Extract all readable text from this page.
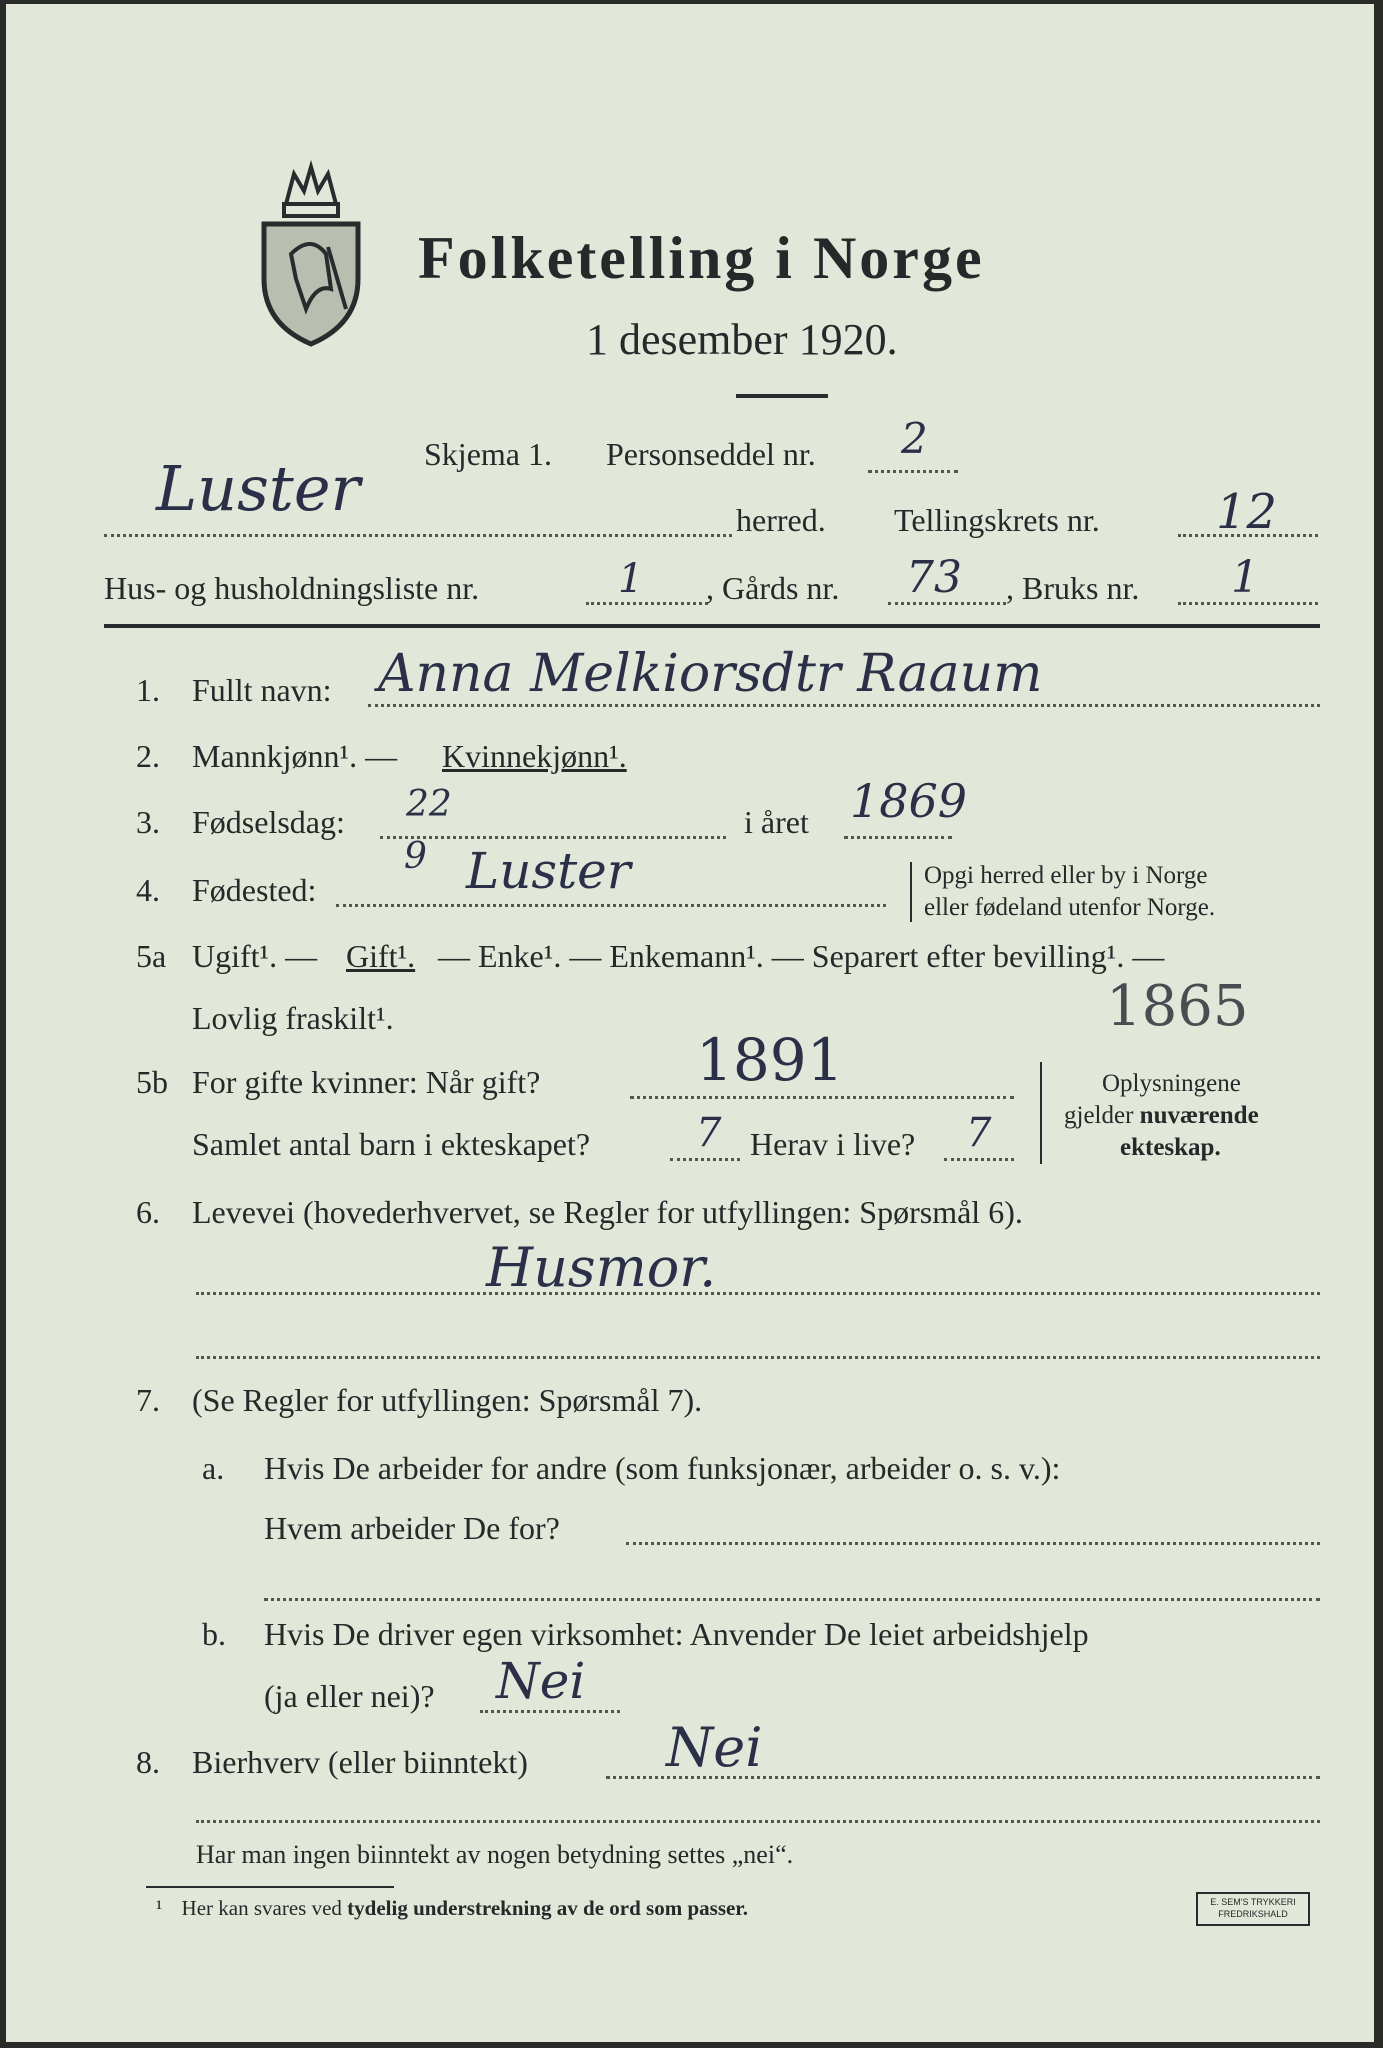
Folketelling i Norge
1 desember 1920.
Skjema 1. Personseddel nr. 2
Luster	herred. Tellingskrets nr. 12
Hus- og husholdningsliste nr.	1 , Gårds nr. 73 , Bruks nr. 1
1. Fullt navn: Anna Melkiorsdtr Raaum
2. Mannkjønn¹. — Kvinnekjønn¹.
3. Fødselsdag: 22	i året 1869
9
4. Fødested:	Luster	Opgi herred eller by i Norge
eller fødeland utenfor Norge.
5a Ugift¹. — Gift¹. — Enke¹. — Enkemann¹. — Separert efter bevilling¹. —
Lovlig fraskilt¹.	1865
5b For gifte kvinner: Når gift?	1891
Samlet antal barn i ekteskapet?	7 Herav i live? 7
Oplysningene
gjelder nuværende
ekteskap.
6. Levevei (hovederhvervet, se Regler for utfyllingen: Spørsmål 6).
Husmor.
7. (Se Regler for utfyllingen: Spørsmål 7).
a. Hvis De arbeider for andre (som funksjonær, arbeider o. s. v.):
Hvem arbeider De for?
b. Hvis De driver egen virksomhet: Anvender De leiet arbeidshjelp
(ja eller nei)? Nei
8. Bierhverv (eller biinntekt)	Nei
Har man ingen biinntekt av nogen betydning settes „nei“.
¹ Her kan svares ved tydelig understrekning av de ord som passer.	E. SEM'S TRYKKERI
FREDRIKSHALD
